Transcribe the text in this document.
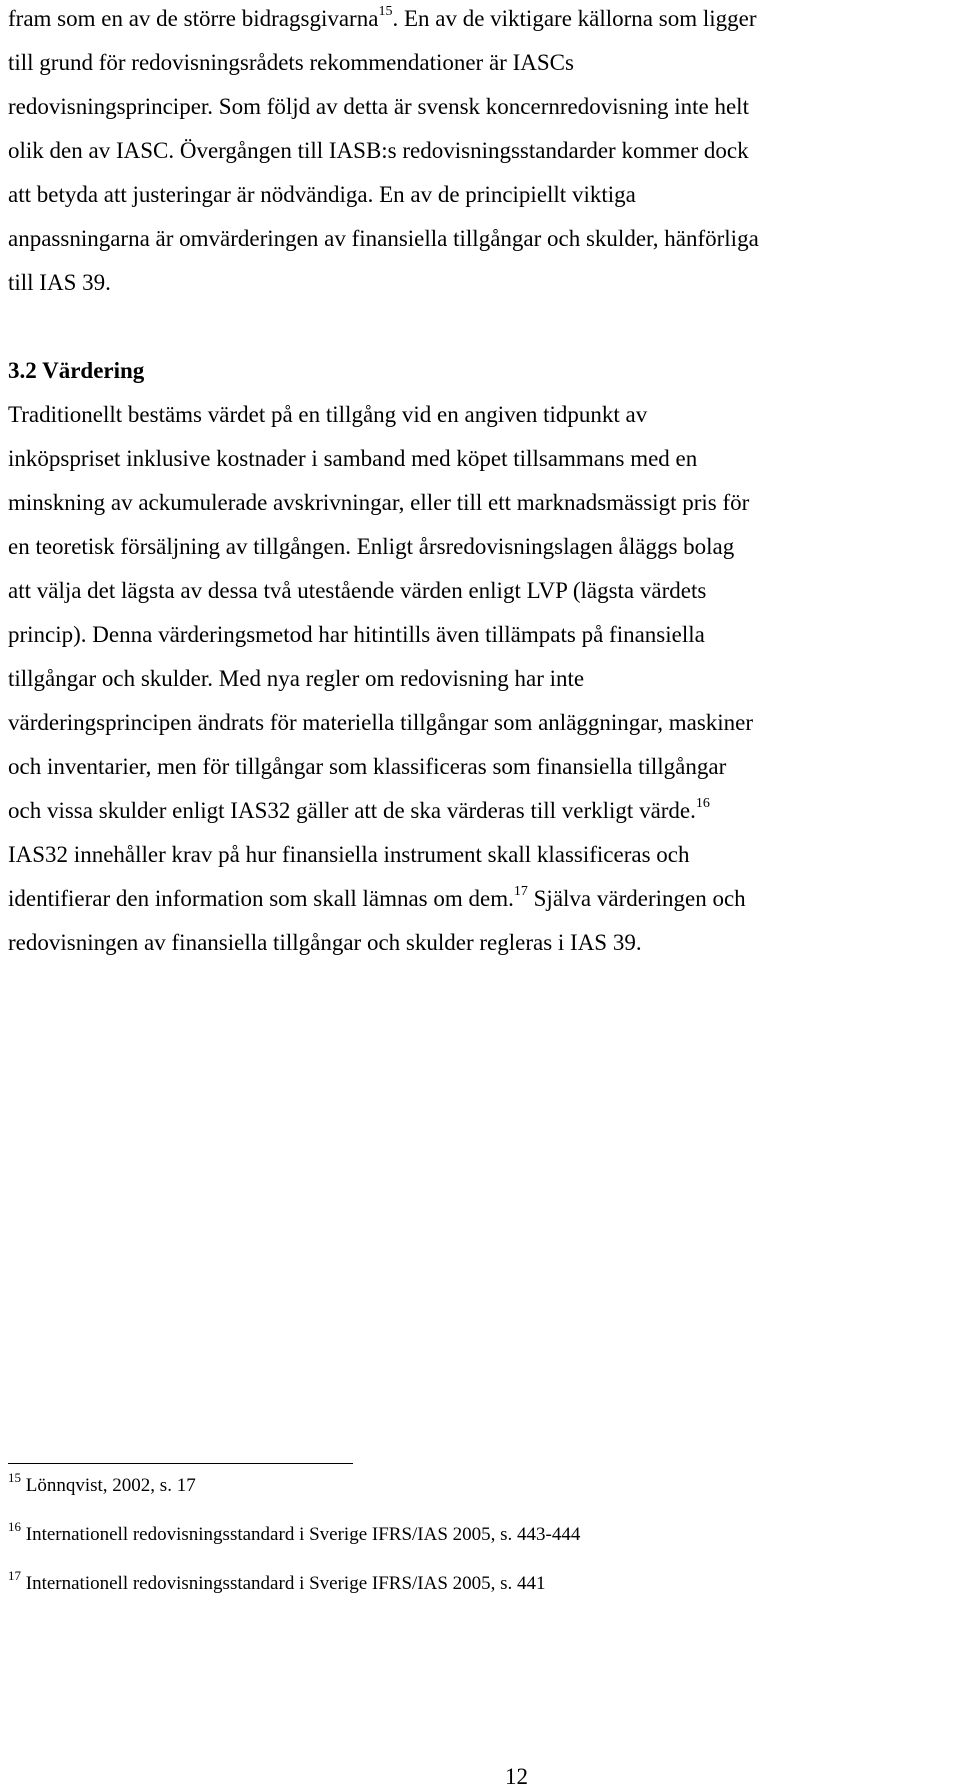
fram som en av de större bidragsgivarna$^{15}$. En av de viktigare källorna som ligger
till grund för redovisningsrådets rekommendationer är IASCs
redovisningsprinciper. Som följd av detta är svensk koncernredovisning inte helt
olik den av IASC. Övergången till IASB:s redovisningsstandarder kommer dock
att betyda att justeringar är nödvändiga. En av de principiellt viktiga
anpassningarna är omvärderingen av finansiella tillgångar och skulder, hänförliga
till IAS 39.
3.2 Värdering
Traditionellt bestäms värdet på en tillgång vid en angiven tidpunkt av
inköpspriset inklusive kostnader i samband med köpet tillsammans med en
minskning av ackumulerade avskrivningar, eller till ett marknadsmässigt pris för
en teoretisk försäljning av tillgången. Enligt årsredovisningslagen åläggs bolag
att välja det lägsta av dessa två utestående värden enligt LVP (lägsta värdets
princip). Denna värderingsmetod har hitintills även tillämpats på finansiella
tillgångar och skulder. Med nya regler om redovisning har inte
värderingsprincipen ändrats för materiella tillgångar som anläggningar, maskiner
och inventarier, men för tillgångar som klassificeras som finansiella tillgångar
och vissa skulder enligt IAS32 gäller att de ska värderas till verkligt värde.$^{16}$
IAS32 innehåller krav på hur finansiella instrument skall klassificeras och
identifierar den information som skall lämnas om dem.$^{17}$ Själva värderingen och
redovisningen av finansiella tillgångar och skulder regleras i IAS 39.
$^{15}$ Lönnqvist, 2002, s. 17
$^{16}$ Internationell redovisningsstandard i Sverige IFRS/IAS 2005, s. 443-444
$^{17}$ Internationell redovisningsstandard i Sverige IFRS/IAS 2005, s. 441
12
